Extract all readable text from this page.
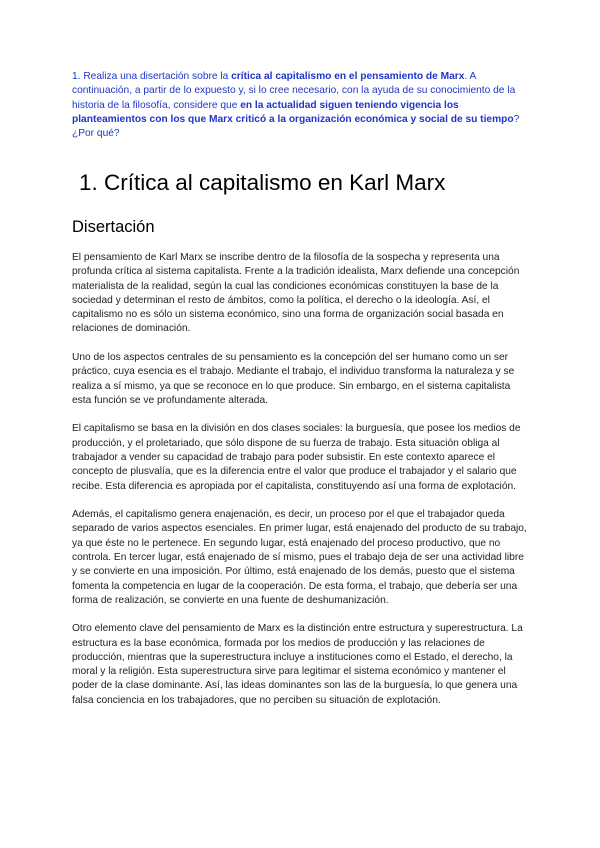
1. Realiza una disertación sobre la crítica al capitalismo en el pensamiento de Marx. A continuación, a partir de lo expuesto y, si lo cree necesario, con la ayuda de su conocimiento de la historia de la filosofía, considere que en la actualidad siguen teniendo vigencia los planteamientos con los que Marx criticó a la organización económica y social de su tiempo? ¿Por qué?

1. Crítica al capitalismo en Karl Marx
Disertación

El pensamiento de Karl Marx se inscribe dentro de la filosofía de la sospecha y representa una profunda crítica al sistema capitalista. Frente a la tradición idealista, Marx defiende una concepción materialista de la realidad, según la cual las condiciones económicas constituyen la base de la sociedad y determinan el resto de ámbitos, como la política, el derecho o la ideología. Así, el capitalismo no es sólo un sistema económico, sino una forma de organización social basada en relaciones de dominación.

Uno de los aspectos centrales de su pensamiento es la concepción del ser humano como un ser práctico, cuya esencia es el trabajo. Mediante el trabajo, el individuo transforma la naturaleza y se realiza a sí mismo, ya que se reconoce en lo que produce. Sin embargo, en el sistema capitalista esta función se ve profundamente alterada.

El capitalismo se basa en la división en dos clases sociales: la burguesía, que posee los medios de producción, y el proletariado, que sólo dispone de su fuerza de trabajo. Esta situación obliga al trabajador a vender su capacidad de trabajo para poder subsistir. En este contexto aparece el concepto de plusvalía, que es la diferencia entre el valor que produce el trabajador y el salario que recibe. Esta diferencia es apropiada por el capitalista, constituyendo así una forma de explotación.

Además, el capitalismo genera enajenación, es decir, un proceso por el que el trabajador queda separado de varios aspectos esenciales. En primer lugar, está enajenado del producto de su trabajo, ya que éste no le pertenece. En segundo lugar, está enajenado del proceso productivo, que no controla. En tercer lugar, está enajenado de sí mismo, pues el trabajo deja de ser una actividad libre y se convierte en una imposición. Por último, está enajenado de los demás, puesto que el sistema fomenta la competencia en lugar de la cooperación. De esta forma, el trabajo, que debería ser una forma de realización, se convierte en una fuente de deshumanización.

Otro elemento clave del pensamiento de Marx es la distinción entre estructura y superestructura. La estructura es la base económica, formada por los medios de producción y las relaciones de producción, mientras que la superestructura incluye a instituciones como el Estado, el derecho, la moral y la religión. Esta superestructura sirve para legitimar el sistema económico y mantener el poder de la clase dominante. Así, las ideas dominantes son las de la burguesía, lo que genera una falsa conciencia en los trabajadores, que no perciben su situación de explotación.
